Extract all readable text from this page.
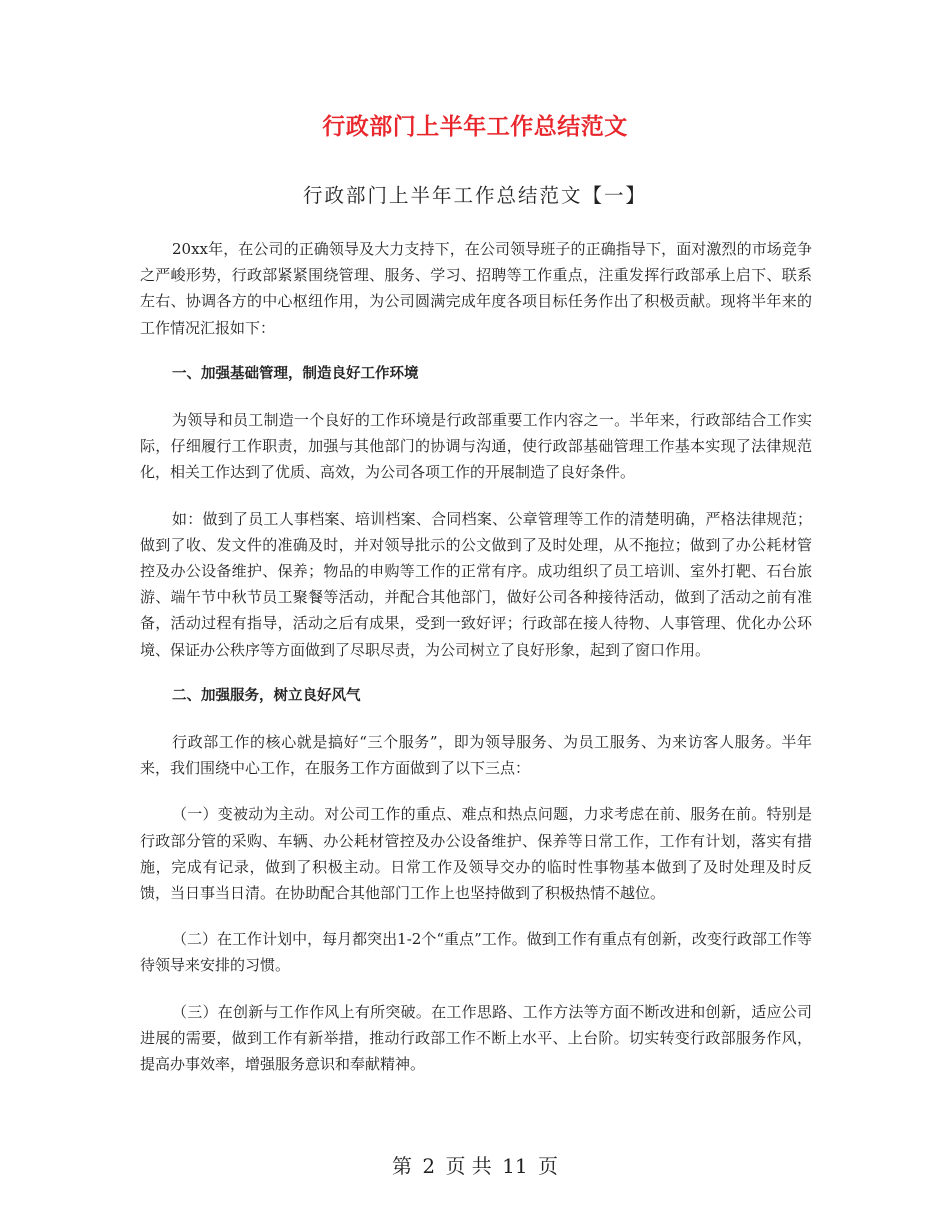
行政部门上半年工作总结范文
行政部门上半年工作总结范文【一】

20xx年，在公司的正确领导及大力支持下，在公司领导班子的正确指导下，面对激烈的市场竞争之严峻形势，行政部紧紧围绕管理、服务、学习、招聘等工作重点，注重发挥行政部承上启下、联系左右、协调各方的中心枢纽作用，为公司圆满完成年度各项目标任务作出了积极贡献。现将半年来的工作情况汇报如下：

一、加强基础管理，制造良好工作环境

为领导和员工制造一个良好的工作环境是行政部重要工作内容之一。半年来，行政部结合工作实际，仔细履行工作职责，加强与其他部门的协调与沟通，使行政部基础管理工作基本实现了法律规范化，相关工作达到了优质、高效，为公司各项工作的开展制造了良好条件。

如：做到了员工人事档案、培训档案、合同档案、公章管理等工作的清楚明确，严格法律规范；做到了收、发文件的准确及时，并对领导批示的公文做到了及时处理，从不拖拉；做到了办公耗材管控及办公设备维护、保养；物品的申购等工作的正常有序。成功组织了员工培训、室外打靶、石台旅游、端午节中秋节员工聚餐等活动，并配合其他部门，做好公司各种接待活动，做到了活动之前有准备，活动过程有指导，活动之后有成果，受到一致好评；行政部在接人待物、人事管理、优化办公环境、保证办公秩序等方面做到了尽职尽责，为公司树立了良好形象，起到了窗口作用。

二、加强服务，树立良好风气

行政部工作的核心就是搞好“三个服务”，即为领导服务、为员工服务、为来访客人服务。半年来，我们围绕中心工作，在服务工作方面做到了以下三点：

（一）变被动为主动。对公司工作的重点、难点和热点问题，力求考虑在前、服务在前。特别是行政部分管的采购、车辆、办公耗材管控及办公设备维护、保养等日常工作，工作有计划，落实有措施，完成有记录，做到了积极主动。日常工作及领导交办的临时性事物基本做到了及时处理及时反馈，当日事当日清。在协助配合其他部门工作上也坚持做到了积极热情不越位。

（二）在工作计划中，每月都突出1-2个“重点”工作。做到工作有重点有创新，改变行政部工作等待领导来安排的习惯。

（三）在创新与工作作风上有所突破。在工作思路、工作方法等方面不断改进和创新，适应公司进展的需要，做到工作有新举措，推动行政部工作不断上水平、上台阶。切实转变行政部服务作风，提高办事效率，增强服务意识和奉献精神。

第 2 页 共 11 页
